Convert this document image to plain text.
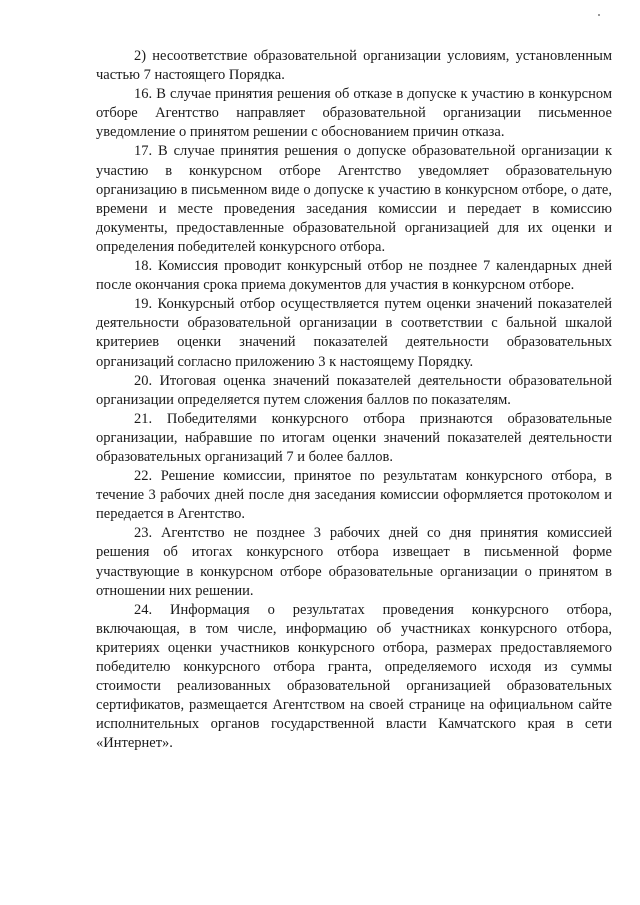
2) несоответствие образовательной организации условиям, установленным частью 7 настоящего Порядка.

16. В случае принятия решения об отказе в допуске к участию в конкурсном отборе Агентство направляет образовательной организации письменное уведомление о принятом решении с обоснованием причин отказа.

17. В случае принятия решения о допуске образовательной организации к участию в конкурсном отборе Агентство уведомляет образовательную организацию в письменном виде о допуске к участию в конкурсном отборе, о дате, времени и месте проведения заседания комиссии и передает в комиссию документы, предоставленные образовательной организацией для их оценки и определения победителей конкурсного отбора.

18. Комиссия проводит конкурсный отбор не позднее 7 календарных дней после окончания срока приема документов для участия в конкурсном отборе.

19. Конкурсный отбор осуществляется путем оценки значений показателей деятельности образовательной организации в соответствии с бальной шкалой критериев оценки значений показателей деятельности образовательных организаций согласно приложению 3 к настоящему Порядку.

20. Итоговая оценка значений показателей деятельности образовательной организации определяется путем сложения баллов по показателям.

21. Победителями конкурсного отбора признаются образовательные организации, набравшие по итогам оценки значений показателей деятельности образовательных организаций 7 и более баллов.

22. Решение комиссии, принятое по результатам конкурсного отбора, в течение 3 рабочих дней после дня заседания комиссии оформляется протоколом и передается в Агентство.

23. Агентство не позднее 3 рабочих дней со дня принятия комиссией решения об итогах конкурсного отбора извещает в письменной форме участвующие в конкурсном отборе образовательные организации о принятом в отношении них решении.

24. Информация о результатах проведения конкурсного отбора, включающая, в том числе, информацию об участниках конкурсного отбора, критериях оценки участников конкурсного отбора, размерах предоставляемого победителю конкурсного отбора гранта, определяемого исходя из суммы стоимости реализованных образовательной организацией образовательных сертификатов, размещается Агентством на своей странице на официальном сайте исполнительных органов государственной власти Камчатского края в сети «Интернет».
